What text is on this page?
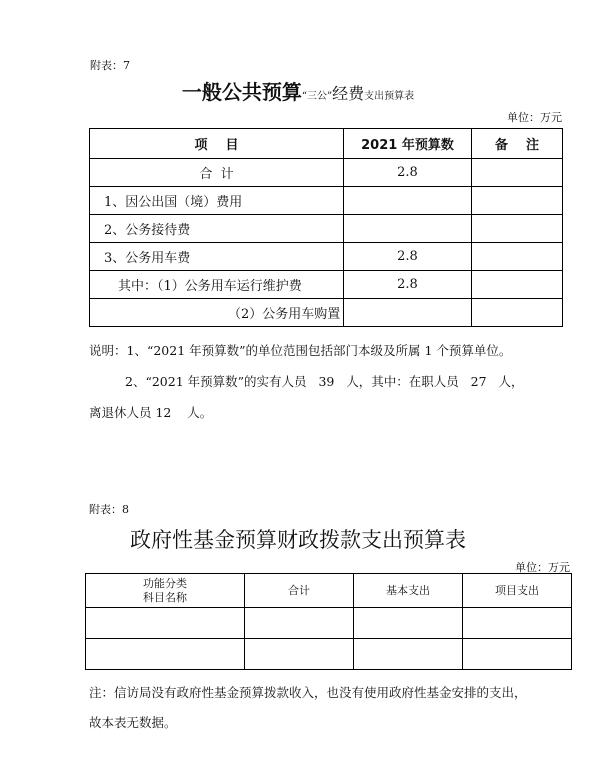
附表：7
一般公共预算“三公”经费支出预算表
单位：万元
项    目	2021 年预算数	备    注
合  计	2.8	
1、因公出国（境）费用		
2、公务接待费		
3、公务用车费	2.8	
其中：（1）公务用车运行维护费	2.8	
（2）公务用车购置		
说明：1、“2021 年预算数”的单位范围包括部门本级及所属 1 个预算单位。
2、“2021 年预算数”的实有人员   39   人，其中：在职人员   27   人，
离退休人员 12    人。
附表：8
政府性基金预算财政拨款支出预算表
单位：万元
功能分类
科目名称	合计	基本支出	项目支出

注：信访局没有政府性基金预算拨款收入，也没有使用政府性基金安排的支出，
故本表无数据。
